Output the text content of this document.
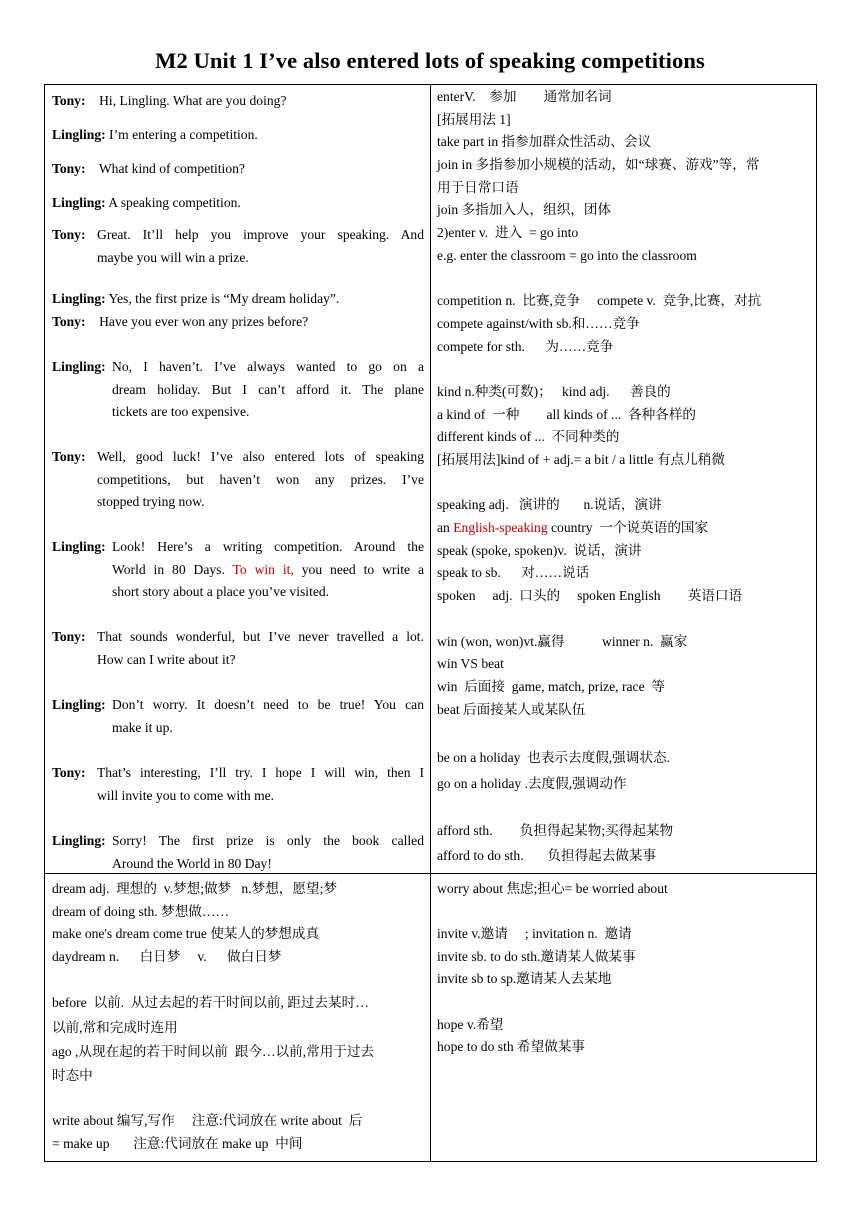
M2 Unit 1 I’ve also entered lots of speaking competitions
Tony:    Hi, Lingling. What are you doing?
Lingling: I’m entering a competition.
Tony:    What kind of competition?
Lingling: A speaking competition.
Tony: Great. It’ll help you improve your speaking. And
maybe you will win a prize.
Lingling: Yes, the first prize is “My dream holiday”.
Tony:    Have you ever won any prizes before?
Lingling: No, I haven’t. I’ve always wanted to go on a
dream holiday. But I can’t afford it. The plane
tickets are too expensive.
Tony: Well, good luck! I’ve also entered lots of speaking
competitions, but haven’t won any prizes. I’ve
stopped trying now.
Lingling: Look! Here’s a writing competition. Around the
World in 80 Days. To win it, you need to write a
short story about a place you’ve visited.
Tony: That sounds wonderful, but I’ve never travelled a lot.
How can I write about it?
Lingling: Don’t worry. It doesn’t need to be true! You can
make it up.
Tony: That’s interesting, I’ll try. I hope I will win, then I
will invite you to come with me.
Lingling: Sorry! The first prize is only the book called
Around the World in 80 Day!
enterV.    参加        通常加名词
[拓展用法 1]
take part in 指参加群众性活动、会议
join in 多指参加小规模的活动，如“球赛、游戏”等，常
用于日常口语
join 多指加入人，组织，团体
2)enter v.  进入  = go into
e.g. enter the classroom = go into the classroom

competition n.  比赛,竞争     compete v.  竞争,比赛，对抗
compete against/with sb.和……竞争
compete for sth.      为……竞争

kind n.种类(可数)；   kind adj.      善良的
a kind of  一种        all kinds of ...  各种各样的
different kinds of ...  不同种类的
[拓展用法]kind of + adj.= a bit / a little 有点儿稍微

speaking adj.   演讲的       n.说话，演讲
an English-speaking country  一个说英语的国家
speak (spoke, spoken)v.  说话，演讲
speak to sb.      对……说话
spoken     adj.  口头的     spoken English        英语口语

win (won, won)vt.赢得           winner n.  赢家
win VS beat
win  后面接  game, match, prize, race  等
beat 后面接某人或某队伍

be on a holiday  也表示去度假,强调状态.
go on a holiday .去度假,强调动作

afford sth.        负担得起某物;买得起某物
afford to do sth.       负担得起去做某事
dream adj.  理想的  v.梦想;做梦   n.梦想，愿望;梦
dream of doing sth. 梦想做……
make one's dream come true 使某人的梦想成真
daydream n.      白日梦     v.      做白日梦

before  以前.  从过去起的若干时间以前, 距过去某时…
以前,常和完成时连用
ago ,从现在起的若干时间以前  跟今…以前,常用于过去
时态中

write about 编写,写作     注意:代词放在 write about  后
= make up       注意:代词放在 make up  中间
worry about 焦虑;担心= be worried about

invite v.邀请     ; invitation n.  邀请
invite sb. to do sth.邀请某人做某事
invite sb to sp.邀请某人去某地

hope v.希望
hope to do sth 希望做某事
